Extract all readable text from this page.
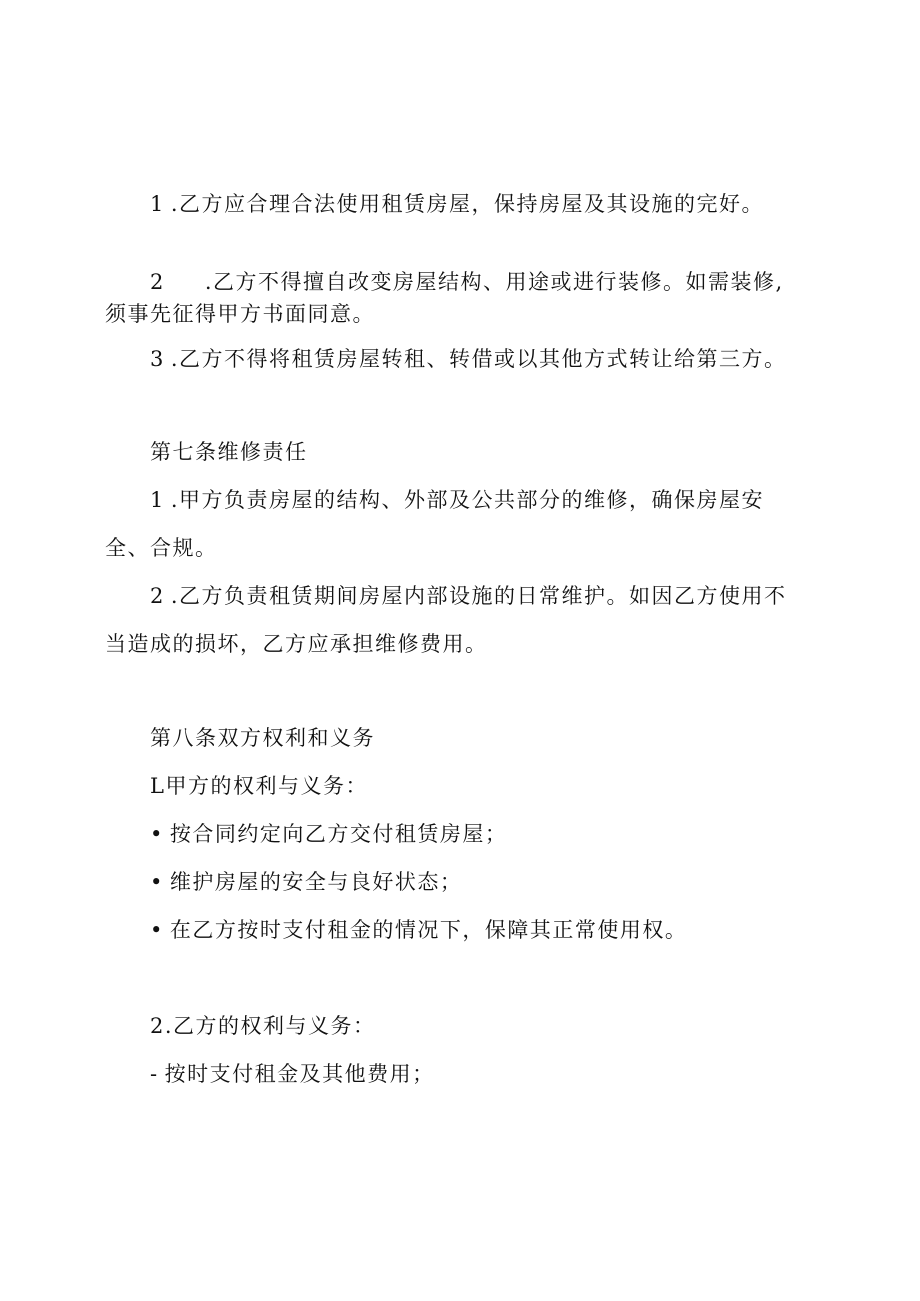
1 .乙方应合理合法使用租赁房屋，保持房屋及其设施的完好。
2 .乙方不得擅自改变房屋结构、用途或进行装修。如需装修,
须事先征得甲方书面同意。
3 .乙方不得将租赁房屋转租、转借或以其他方式转让给第三方。
第七条维修责任
1 .甲方负责房屋的结构、外部及公共部分的维修，确保房屋安
全、合规。
2 .乙方负责租赁期间房屋内部设施的日常维护。如因乙方使用不
当造成的损坏，乙方应承担维修费用。
第八条双方权利和义务
L甲方的权利与义务：
• 按合同约定向乙方交付租赁房屋；
• 维护房屋的安全与良好状态；
• 在乙方按时支付租金的情况下，保障其正常使用权。
2.乙方的权利与义务：
- 按时支付租金及其他费用；
